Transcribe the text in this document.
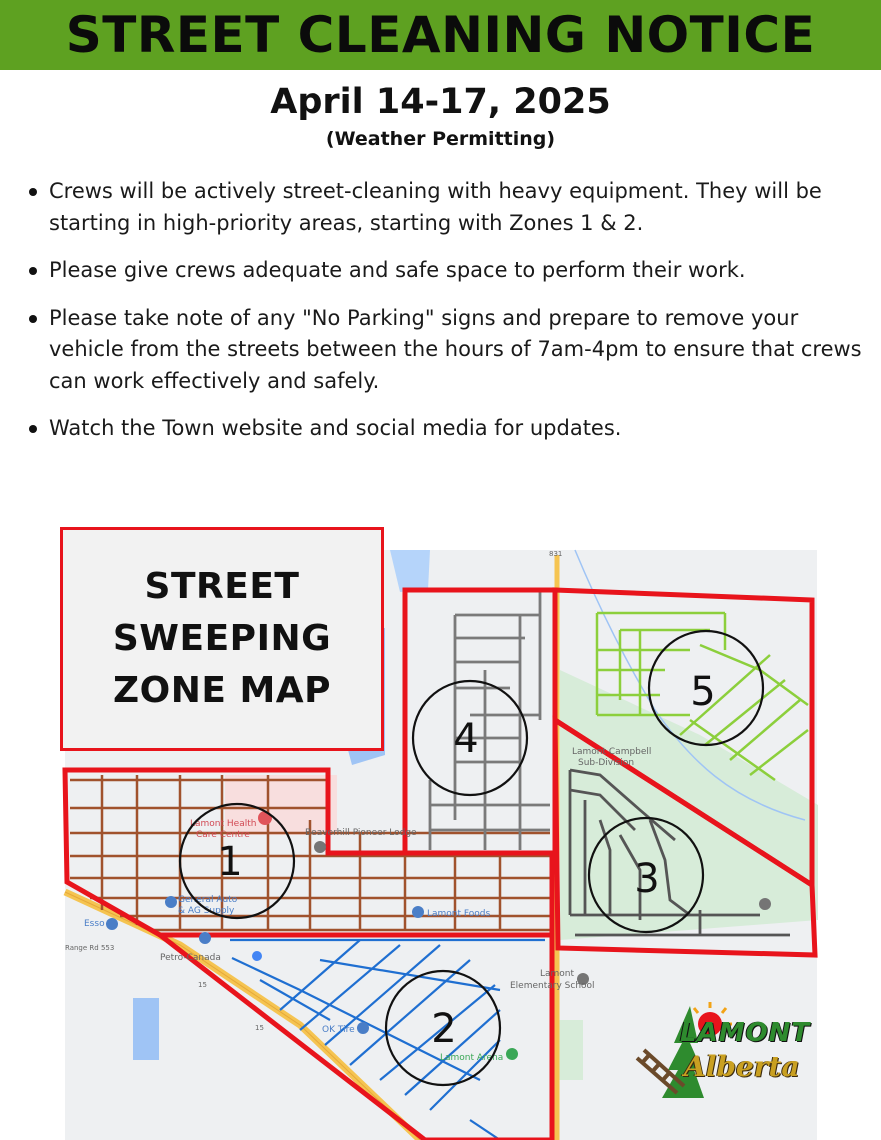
STREET CLEANING NOTICE
April 14-17, 2025
(Weather Permitting)
Crews will be actively street-cleaning with heavy equipment. They will be starting in high-priority areas, starting with Zones 1 & 2.
Please give crews adequate and safe space to perform their work.
Please take note of any "No Parking" signs and prepare to remove your vehicle from the streets between the hours of 7am-4pm to ensure that crews can work effectively and safely.
Watch the Town website and social media for updates.
Lamont Health
Care Centre	Beaverhill Pioneer Lodge
Lamont Campbell
Sub-Division
General Auto
& AG Supply	Lamont Foods
Esso
Petro-Canada
Lamont
Elementary School
OK Tire
Lamont Arena
Range Rd 553
15
15
831
1
2
3
4
5
STREET
SWEEPING
ZONE MAP
LAMONT
Alberta
